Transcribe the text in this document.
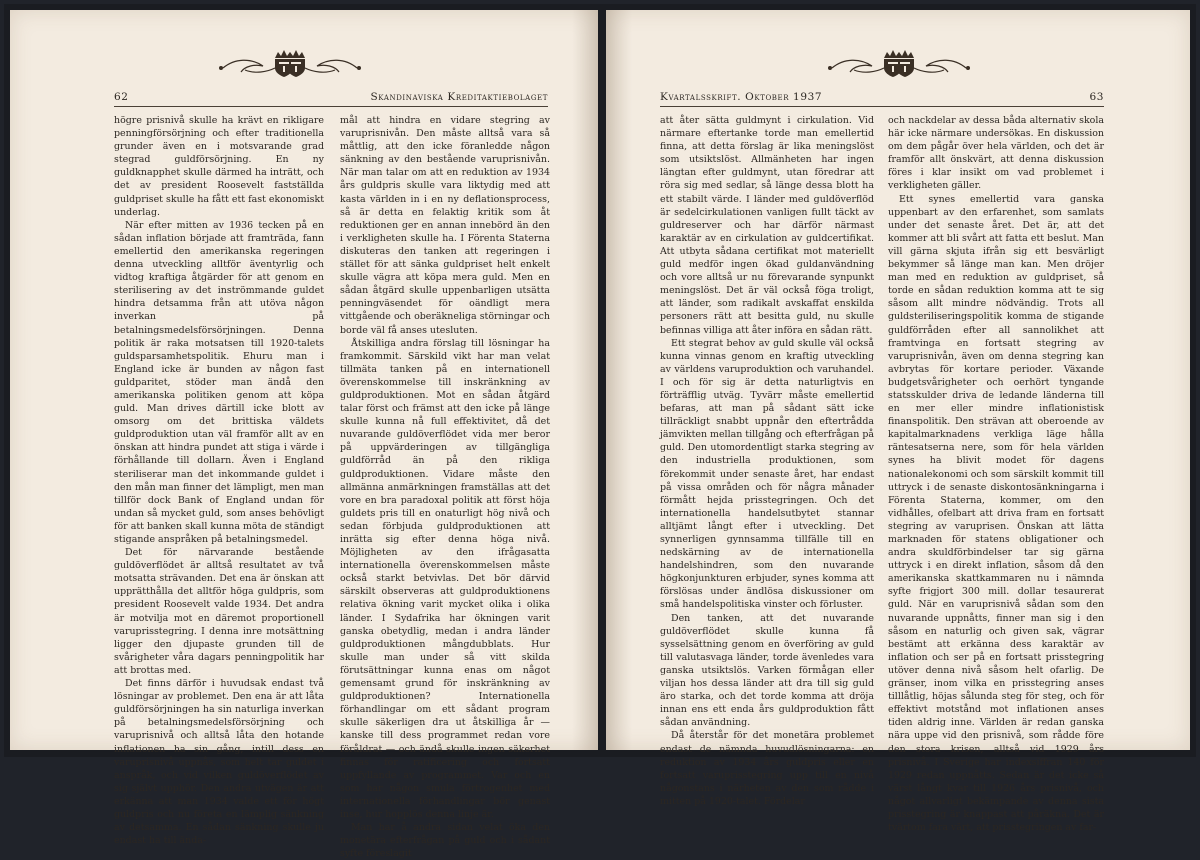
62	Skandinaviska Kreditaktiebolaget

högre prisnivå skulle ha krävt en rikligare penningförsörjning och efter traditionella grunder även en i motsvarande grad stegrad guldförsörjning. En ny guldknapphet skulle därmed ha inträtt, och det av president Roosevelt fastställda guldpriset skulle ha fått ett fast ekonomiskt underlag.

När efter mitten av 1936 tecken på en sådan inflation började att framträda, fann emellertid den amerikanska regeringen denna utveckling alltför äventyrlig och vidtog kraftiga åtgärder för att genom en sterilisering av det inströmmande guldet hindra detsamma från att utöva någon inverkan på betalningsmedelsförsörjningen. Denna politik är raka motsatsen till 1920-talets guldsparsamhetspolitik. Ehuru man i England icke är bunden av någon fast guldparitet, stöder man ändå den amerikanska politiken genom att köpa guld. Man drives därtill icke blott av omsorg om det brittiska väldets guldproduktion utan väl framför allt av en önskan att hindra pundet att stiga i värde i förhållande till dollarn. Även i England steriliserar man det inkommande guldet i den mån man finner det lämpligt, men man tillför dock Bank of England undan för undan så mycket guld, som anses behövligt för att banken skall kunna möta de ständigt stigande anspråken på betalningsmedel.

Det för närvarande bestående guldöverflödet är alltså resultatet av två motsatta strävanden. Det ena är önskan att upprätthålla det alltför höga guldpris, som president Roosevelt valde 1934. Det andra är motvilja mot en däremot proportionell varuprisstegring. I denna inre motsättning ligger den djupaste grunden till de svårigheter våra dagars penningpolitik har att brottas med.

Det finns därför i huvudsak endast två lösningar av problemet. Den ena är att låta guldförsörjningen ha sin naturliga inverkan på betalningsmedelsförsörjning och varuprisnivå och alltså låta den hotande inflationen ha sin gång, intill dess en varuprisnivå uppnås, som helt tar guldet i anspråk, och vid vilken guldöverflödet av sig självt upphör. Den andra utvägen är att erkänna att man 1934 valde ett för högt guldpris och nu företa en lämplig sänkning av detsamma. En sådan sänkning skulle ju endast ha till ända-

mål att hindra en vidare stegring av varuprisnivån. Den måste alltså vara så måttlig, att den icke föranledde någon sänkning av den bestående varuprisnivån. När man talar om att en reduktion av 1934 års guldpris skulle vara liktydig med att kasta världen in i en ny deflationsprocess, så är detta en felaktig kritik som åt reduktionen ger en annan innebörd än den i verkligheten skulle ha. I Förenta Staterna diskuteras den tanken att regeringen i stället för att sänka guldpriset helt enkelt skulle vägra att köpa mera guld. Men en sådan åtgärd skulle uppenbarligen utsätta penningväsendet för oändligt mera vittgående och oberäkneliga störningar och borde väl få anses utesluten.

Åtskilliga andra förslag till lösningar ha framkommit. Särskild vikt har man velat tillmäta tanken på en internationell överenskommelse till inskränkning av guldproduktionen. Mot en sådan åtgärd talar först och främst att den icke på länge skulle kunna nå full effektivitet, då det nuvarande guldöverflödet vida mer beror på uppvärderingen av tillgängliga guldförråd än på den rikliga guldproduktionen. Vidare måste den allmänna anmärkningen framställas att det vore en bra paradoxal politik att först höja guldets pris till en onaturligt hög nivå och sedan förbjuda guldproduktionen att inrätta sig efter denna höga nivå. Möjligheten av den ifrågasatta internationella överenskommelsen måste också starkt betvivlas. Det bör därvid särskilt observeras att guldproduktionens relativa ökning varit mycket olika i olika länder. I Sydafrika har ökningen varit ganska obetydlig, medan i andra länder guldproduktionen mångdubblats. Hur skulle man under så vitt skilda förutsättningar kunna enas om något gemensamt grund för inskränkning av guldproduktionen? Internationella förhandlingar om ett sådant program skulle säkerligen dra ut åtskilliga år — kanske till dess programmet redan vore föråldrat — och ändå skulle ingen säkerhet finnas för ratificering och fortsatt uppfyllande av programmet. Var och en som har någon smula förtrogenhet med internationella förhandlingar bör genast inse, hur hopplös denna linje är.

Man har å andra sidan velat öka den monetära efterfrågan på guld och i sådant syfte föreslagit

Kvartalsskrift. Oktober 1937	63

att åter sätta guldmynt i cirkulation. Vid närmare eftertanke torde man emellertid finna, att detta förslag är lika meningslöst som utsiktslöst. Allmänheten har ingen längtan efter guldmynt, utan föredrar att röra sig med sedlar, så länge dessa blott ha ett stabilt värde. I länder med guldöverflöd är sedelcirkulationen vanligen fullt täckt av guldreserver och har därför närmast karaktär av en cirkulation av guldcertifikat. Att utbyta sådana certifikat mot materiellt guld medför ingen ökad guldanvändning och vore alltså ur nu förevarande synpunkt meningslöst. Det är väl också föga troligt, att länder, som radikalt avskaffat enskilda personers rätt att besitta guld, nu skulle befinnas villiga att åter införa en sådan rätt.

Ett stegrat behov av guld skulle väl också kunna vinnas genom en kraftig utveckling av världens varuproduktion och varuhandel. I och för sig är detta naturligtvis en förträfflig utväg. Tyvärr måste emellertid befaras, att man på sådant sätt icke tillräckligt snabbt uppnår den eftertrådda jämvikten mellan tillgång och efterfrågan på guld. Den utomordentligt starka stegring av den industriella produktionen, som förekommit under senaste året, har endast på vissa områden och för några månader förmått hejda prisstegringen. Och det internationella handelsutbytet stannar alltjämt långt efter i utveckling. Det synnerligen gynnsamma tillfälle till en nedskärning av de internationella handelshindren, som den nuvarande högkonjunkturen erbjuder, synes komma att förslösas under ändlösa diskussioner om små handelspolitiska vinster och förluster.

Den tanken, att det nuvarande guldöverflödet skulle kunna få sysselsättning genom en överföring av guld till valutasvaga länder, torde ävenledes vara ganska utsiktslös. Varken förmågan eller viljan hos dessa länder att dra till sig guld äro starka, och det torde komma att dröja innan ens ett enda års guldproduktion fått sådan användning.

Då återstår för det monetära problemet endast de nämnda huvudlösningarna: en reduktion av 1934 års guldpris eller en fortsatt varuprisstegring upp till en nivå någonstans i närheten av den som rådde i mitten på 1920-talet. Fördelar

och nackdelar av dessa båda alternativ skola här icke närmare undersökas. En diskussion om dem pågår över hela världen, och det är framför allt önskvärt, att denna diskussion föres i klar insikt om vad problemet i verkligheten gäller.

Ett synes emellertid vara ganska uppenbart av den erfarenhet, som samlats under det senaste året. Det är, att det kommer att bli svårt att fatta ett beslut. Man vill gärna skjuta ifrån sig ett besvärligt bekymmer så länge man kan. Men dröjer man med en reduktion av guldpriset, så torde en sådan reduktion komma att te sig såsom allt mindre nödvändig. Trots all guldsteriliseringspolitik komma de stigande guldförråden efter all sannolikhet att framtvinga en fortsatt stegring av varuprisnivån, även om denna stegring kan avbrytas för kortare perioder. Växande budgetsvårigheter och oerhört tyngande statsskulder driva de ledande länderna till en mer eller mindre inflationistisk finanspolitik. Den strävan att oberoende av kapitalmarknadens verkliga läge hålla räntesatserna nere, som för hela världen synes ha blivit modet för dagens nationalekonomi och som särskilt kommit till uttryck i de senaste diskontosänkningarna i Förenta Staterna, kommer, om den vidhålles, ofelbart att driva fram en fortsatt stegring av varuprisen. Önskan att lätta marknaden för statens obligationer och andra skuldförbindelser tar sig gärna uttryck i en direkt inflation, såsom då den amerikanska skattkammaren nu i nämnda syfte frigjort 300 mill. dollar tesaurerat guld. När en varuprisnivå sådan som den nuvarande uppnåtts, finner man sig i den såsom en naturlig och given sak, vägrar bestämt att erkänna dess karaktär av inflation och ser på en fortsatt prisstegring utöver denna nivå såsom helt ofarlig. De gränser, inom vilka en prisstegring anses tilllåtlig, höjas sålunda steg för steg, och för effektivt motstånd mot inflationen anses tiden aldrig inne. Världen är redan ganska nära uppe vid den prisnivå, som rådde före den stora krisen, alltså vid 1929 års prisnivå. I Sverige har indexsiffran 140 för 1929 redan uppnåtts. Sedan är det icke så värst långt kvar till 1926 års prisnivå, och något allvarligt bekämpande av denna sista prisstegring är knappast att påräkna. Det är tvärtom fara värt, att prisstegringen av far-
